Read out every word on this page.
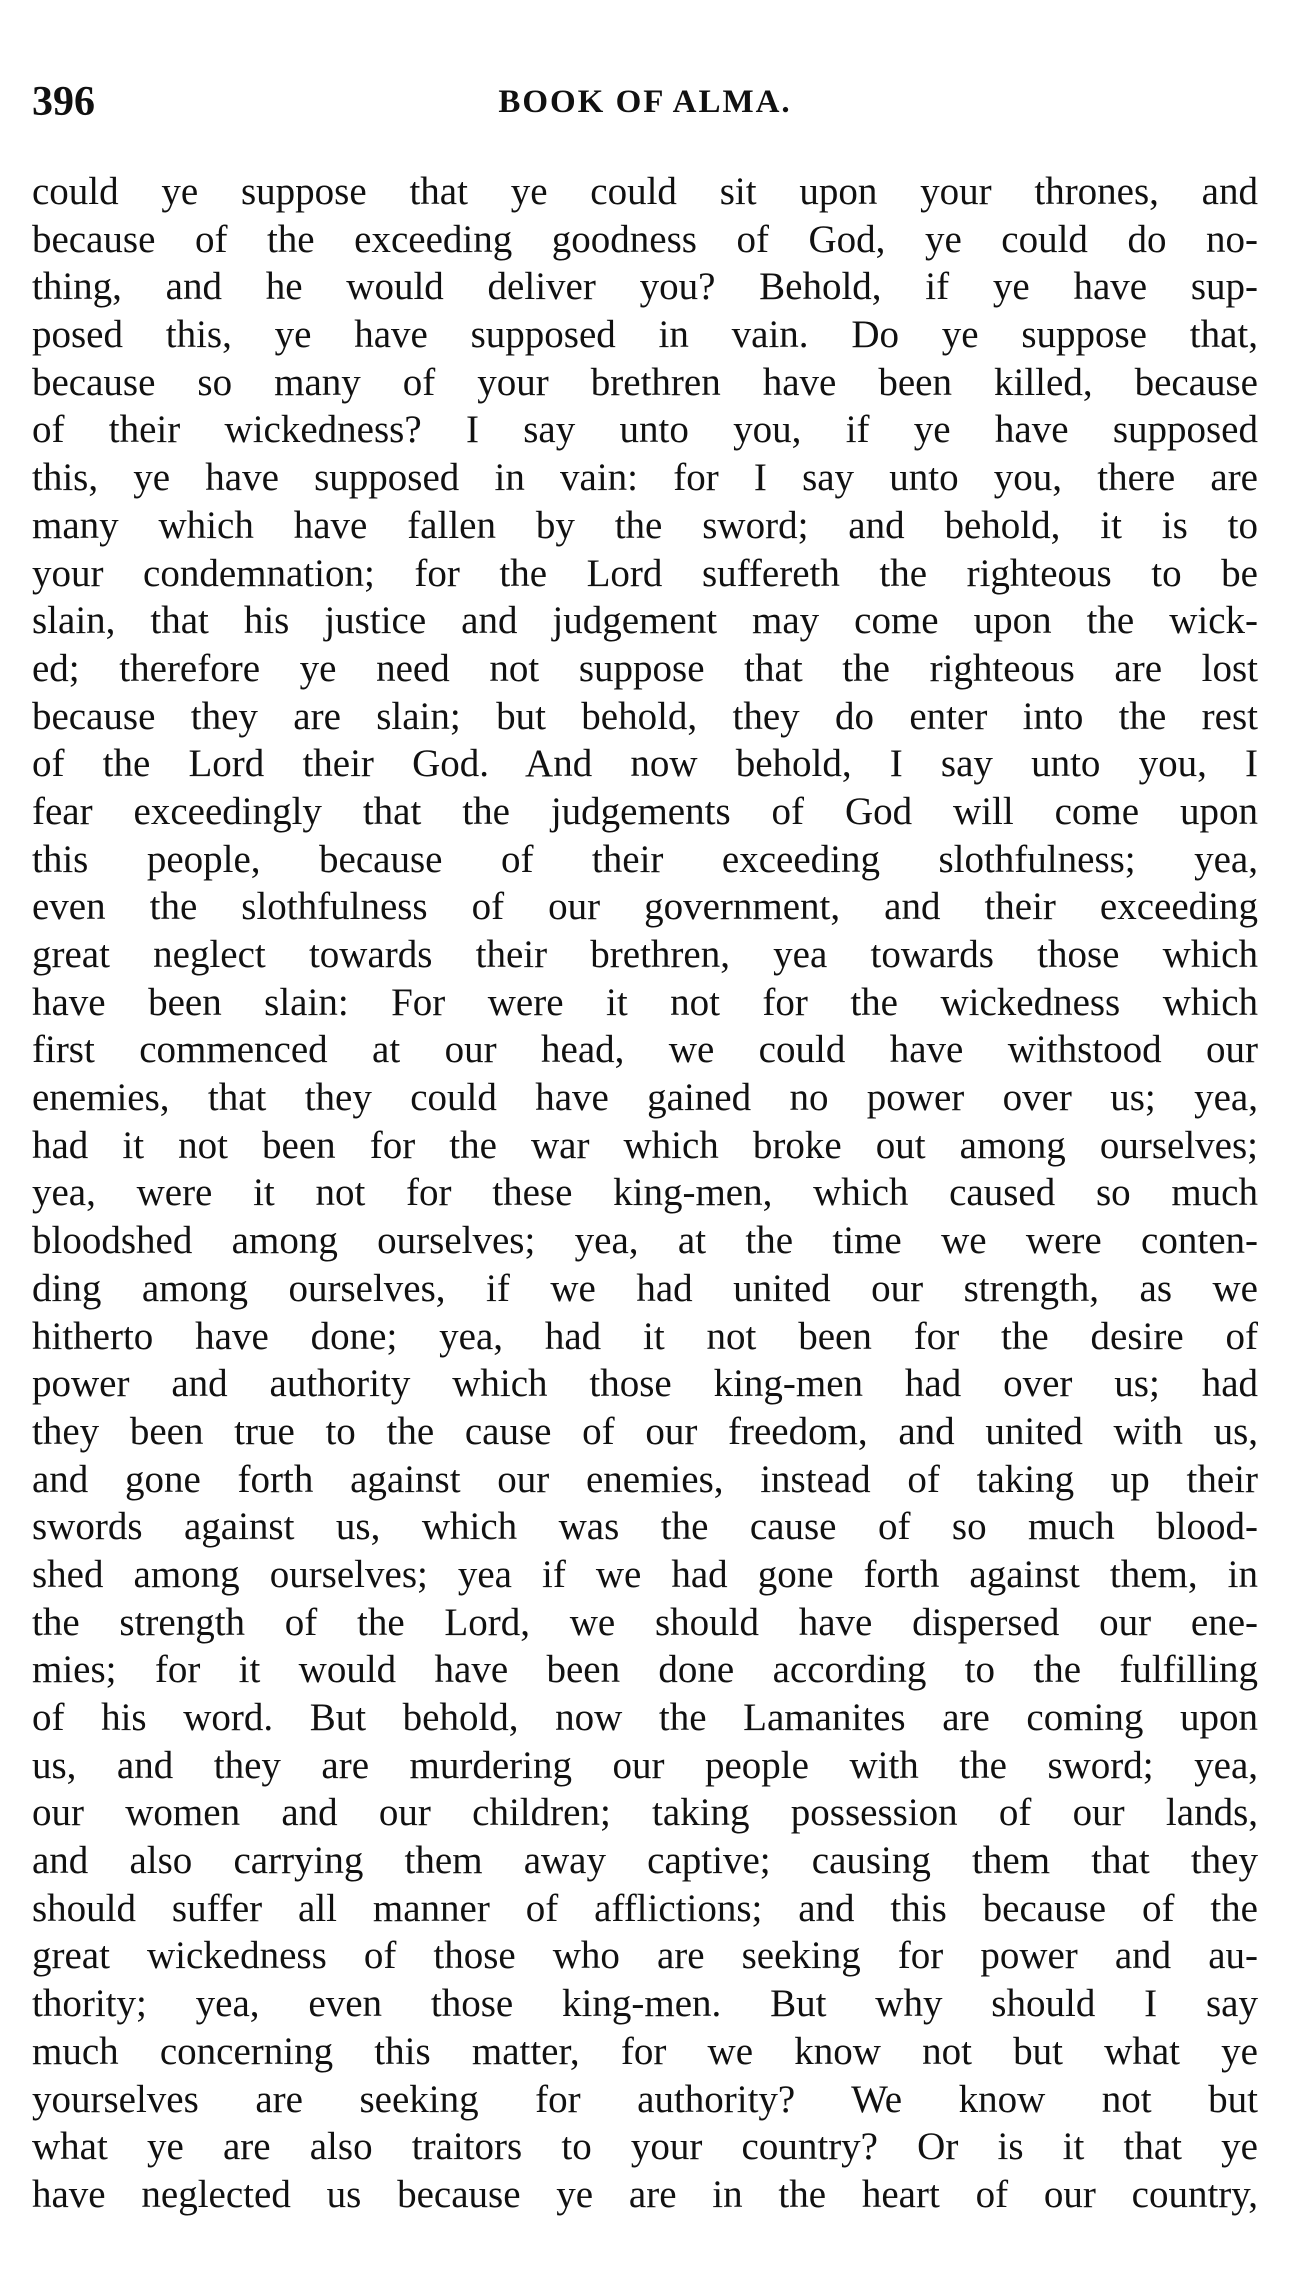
396	BOOK OF ALMA.
could ye suppose that ye could sit upon your thrones, and
because of the exceeding goodness of God, ye could do no-
thing, and he would deliver you? Behold, if ye have sup-
posed this, ye have supposed in vain. Do ye suppose that,
because so many of your brethren have been killed, because
of their wickedness? I say unto you, if ye have supposed
this, ye have supposed in vain: for I say unto you, there are
many which have fallen by the sword; and behold, it is to
your condemnation; for the Lord suffereth the righteous to be
slain, that his justice and judgement may come upon the wick-
ed; therefore ye need not suppose that the righteous are lost
because they are slain; but behold, they do enter into the rest
of the Lord their God. And now behold, I say unto you, I
fear exceedingly that the judgements of God will come upon
this people, because of their exceeding slothfulness; yea,
even the slothfulness of our government, and their exceeding
great neglect towards their brethren, yea towards those which
have been slain: For were it not for the wickedness which
first commenced at our head, we could have withstood our
enemies, that they could have gained no power over us; yea,
had it not been for the war which broke out among ourselves;
yea, were it not for these king-men, which caused so much
bloodshed among ourselves; yea, at the time we were conten-
ding among ourselves, if we had united our strength, as we
hitherto have done; yea, had it not been for the desire of
power and authority which those king-men had over us; had
they been true to the cause of our freedom, and united with us,
and gone forth against our enemies, instead of taking up their
swords against us, which was the cause of so much blood-
shed among ourselves; yea if we had gone forth against them, in
the strength of the Lord, we should have dispersed our ene-
mies; for it would have been done according to the fulfilling
of his word. But behold, now the Lamanites are coming upon
us, and they are murdering our people with the sword; yea,
our women and our children; taking possession of our lands,
and also carrying them away captive; causing them that they
should suffer all manner of afflictions; and this because of the
great wickedness of those who are seeking for power and au-
thority; yea, even those king-men. But why should I say
much concerning this matter, for we know not but what ye
yourselves are seeking for authority? We know not but
what ye are also traitors to your country? Or is it that ye
have neglected us because ye are in the heart of our country,
